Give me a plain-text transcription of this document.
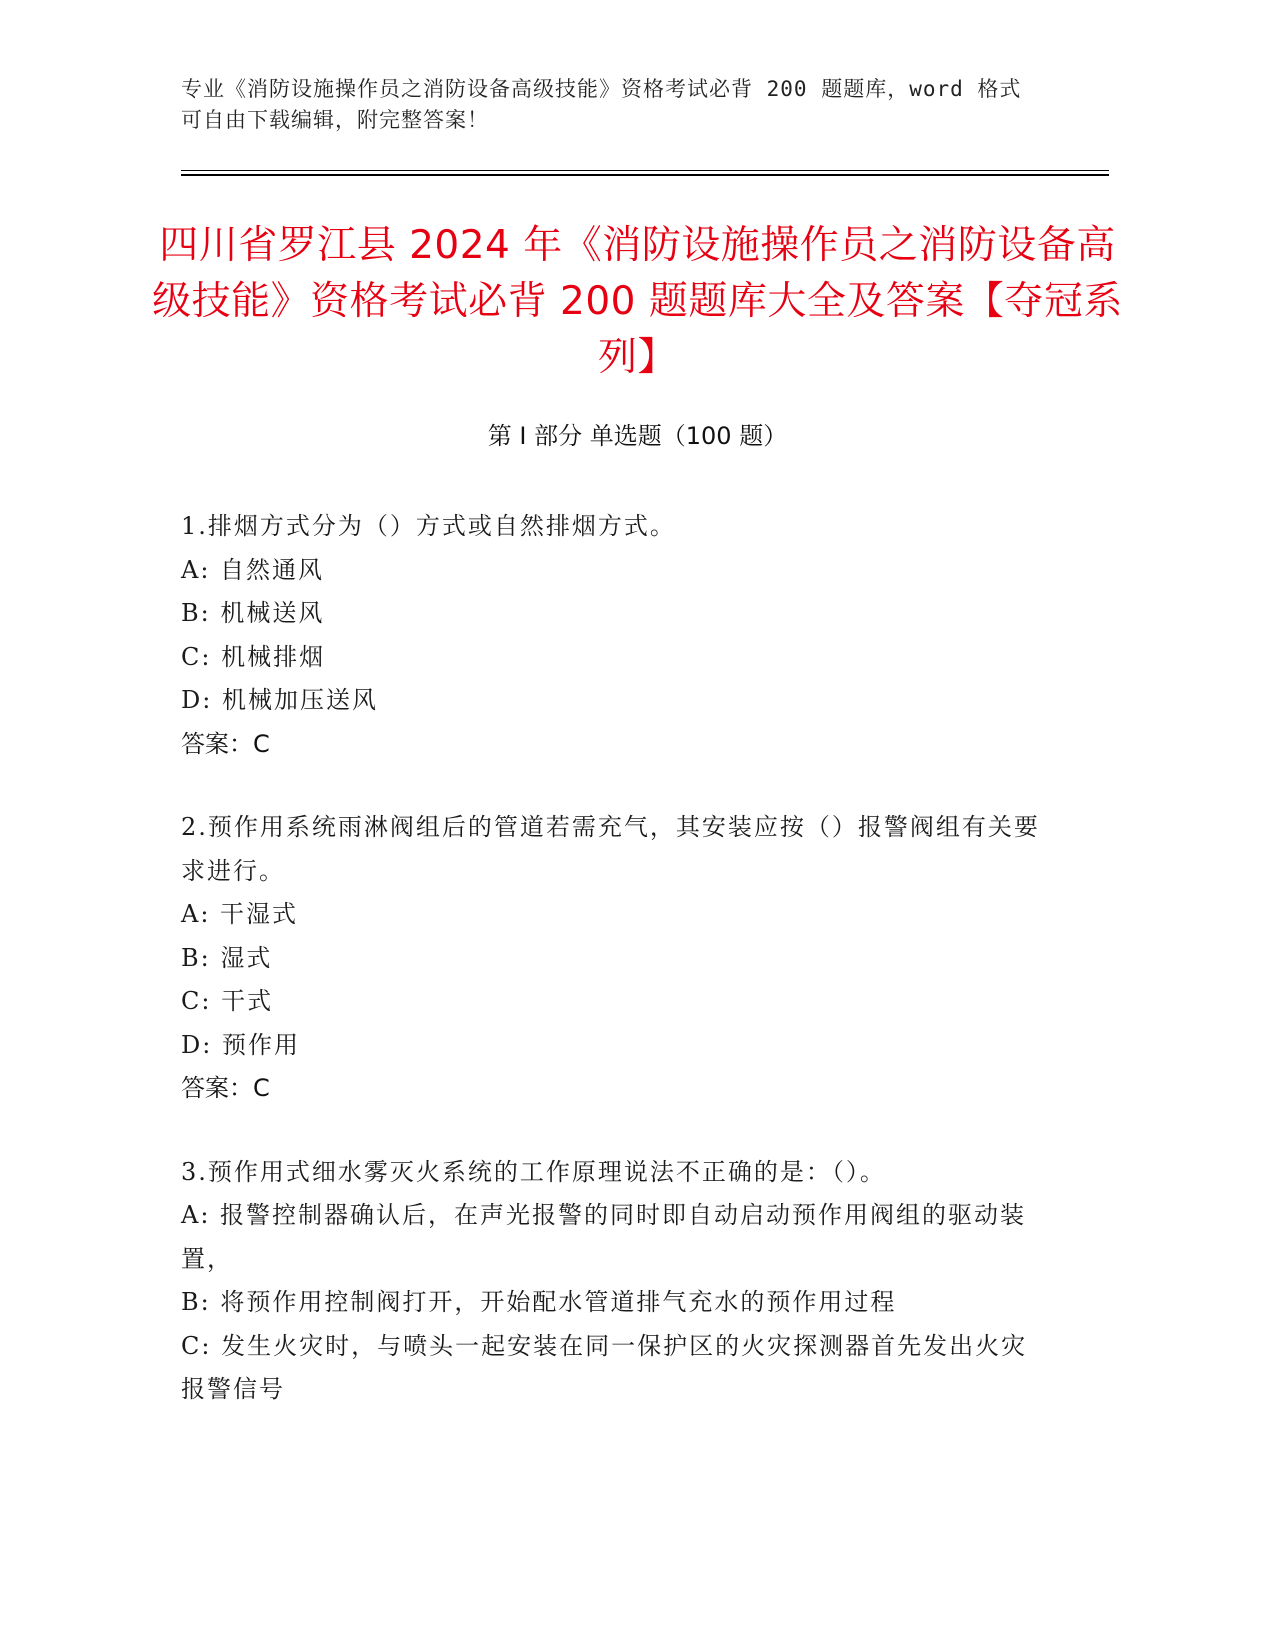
专业《消防设施操作员之消防设备高级技能》资格考试必背 200 题题库，word 格式可自由下载编辑，附完整答案！
四川省罗江县 2024 年《消防设施操作员之消防设备高级技能》资格考试必背 200 题题库大全及答案【夺冠系列】
第 I 部分 单选题（100 题）
1.排烟方式分为（）方式或自然排烟方式。
A: 自然通风
B: 机械送风
C: 机械排烟
D: 机械加压送风
答案：C
2.预作用系统雨淋阀组后的管道若需充气，其安装应按（）报警阀组有关要求进行。
A: 干湿式
B: 湿式
C: 干式
D: 预作用
答案：C
3.预作用式细水雾灭火系统的工作原理说法不正确的是：（）。
A: 报警控制器确认后，在声光报警的同时即自动启动预作用阀组的驱动装置，
B: 将预作用控制阀打开，开始配水管道排气充水的预作用过程
C: 发生火灾时，与喷头一起安装在同一保护区的火灾探测器首先发出火灾报警信号
